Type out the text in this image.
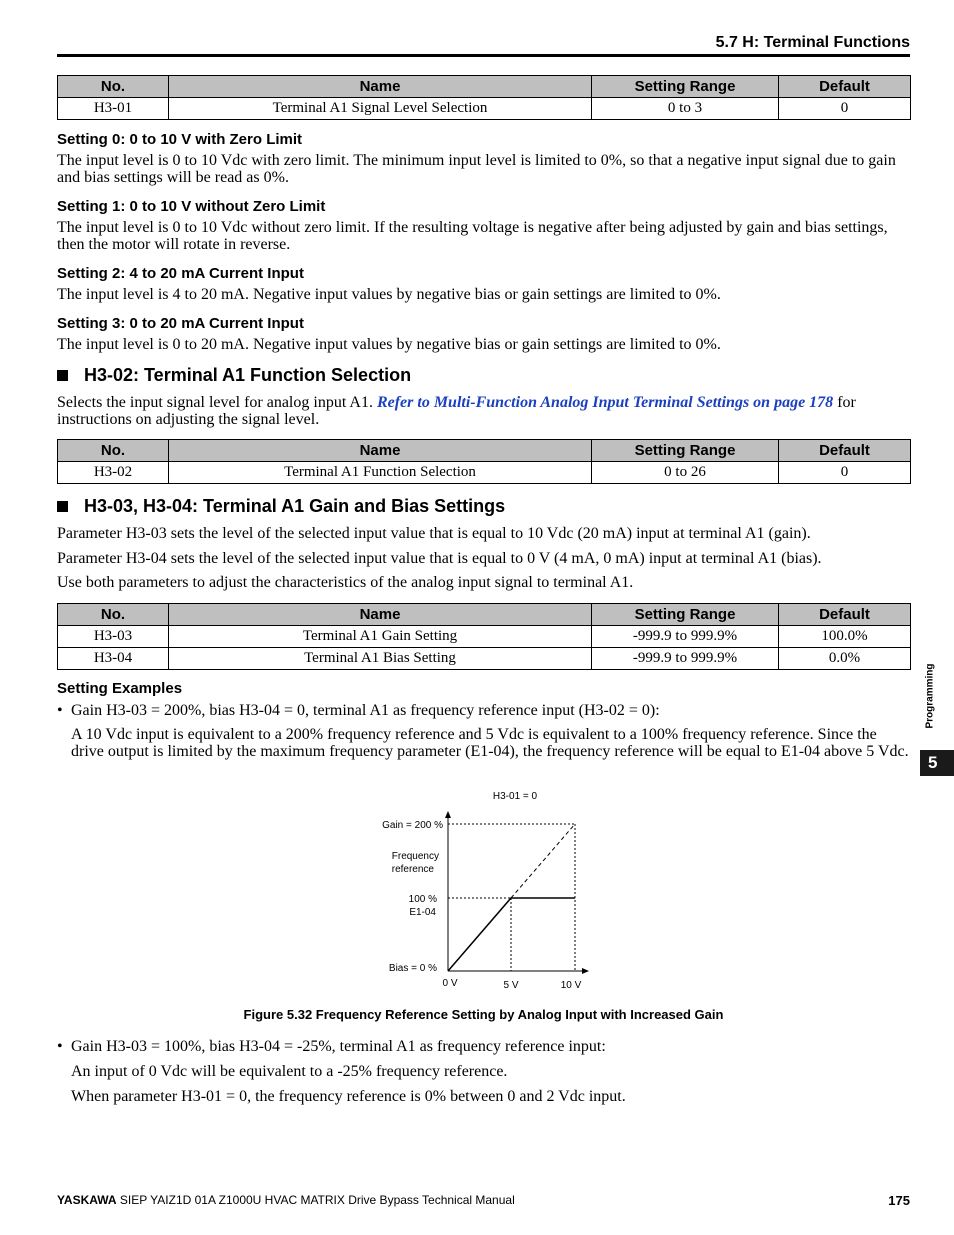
5.7 H: Terminal Functions
No.	Name	Setting Range	Default
H3-01	Terminal A1 Signal Level Selection	0 to 3	0
Setting 0: 0 to 10 V with Zero Limit
The input level is 0 to 10 Vdc with zero limit. The minimum input level is limited to 0%, so that a negative input signal due to gain and bias settings will be read as 0%.
Setting 1: 0 to 10 V without Zero Limit
The input level is 0 to 10 Vdc without zero limit. If the resulting voltage is negative after being adjusted by gain and bias settings, then the motor will rotate in reverse.
Setting 2: 4 to 20 mA Current Input
The input level is 4 to 20 mA. Negative input values by negative bias or gain settings are limited to 0%.
Setting 3: 0 to 20 mA Current Input
The input level is 0 to 20 mA. Negative input values by negative bias or gain settings are limited to 0%.
H3-02: Terminal A1 Function Selection
Selects the input signal level for analog input A1. Refer to Multi-Function Analog Input Terminal Settings on page 178 for instructions on adjusting the signal level.
No.	Name	Setting Range	Default
H3-02	Terminal A1 Function Selection	0 to 26	0
H3-03, H3-04: Terminal A1 Gain and Bias Settings
Parameter H3-03 sets the level of the selected input value that is equal to 10 Vdc (20 mA) input at terminal A1 (gain).
Parameter H3-04 sets the level of the selected input value that is equal to 0 V (4 mA, 0 mA) input at terminal A1 (bias).
Use both parameters to adjust the characteristics of the analog input signal to terminal A1.
No.	Name	Setting Range	Default
H3-03	Terminal A1 Gain Setting	-999.9 to 999.9%	100.0%
H3-04	Terminal A1 Bias Setting	-999.9 to 999.9%	0.0%
Setting Examples
• Gain H3-03 = 200%, bias H3-04 = 0, terminal A1 as frequency reference input (H3-02 = 0):
A 10 Vdc input is equivalent to a 200% frequency reference and 5 Vdc is equivalent to a 100% frequency reference. Since the drive output is limited by the maximum frequency parameter (E1-04), the frequency reference will be equal to E1-04 above 5 Vdc.
H3-01 = 0
Gain = 200 %
Frequency
reference
100 %
E1-04
Bias = 0 %
0 V	5 V	10 V
Figure 5.32 Frequency Reference Setting by Analog Input with Increased Gain
• Gain H3-03 = 100%, bias H3-04 = -25%, terminal A1 as frequency reference input:
An input of 0 Vdc will be equivalent to a -25% frequency reference.
When parameter H3-01 = 0, the frequency reference is 0% between 0 and 2 Vdc input.
Programming
5
YASKAWA SIEP YAIZ1D 01A Z1000U HVAC MATRIX Drive Bypass Technical Manual	175
